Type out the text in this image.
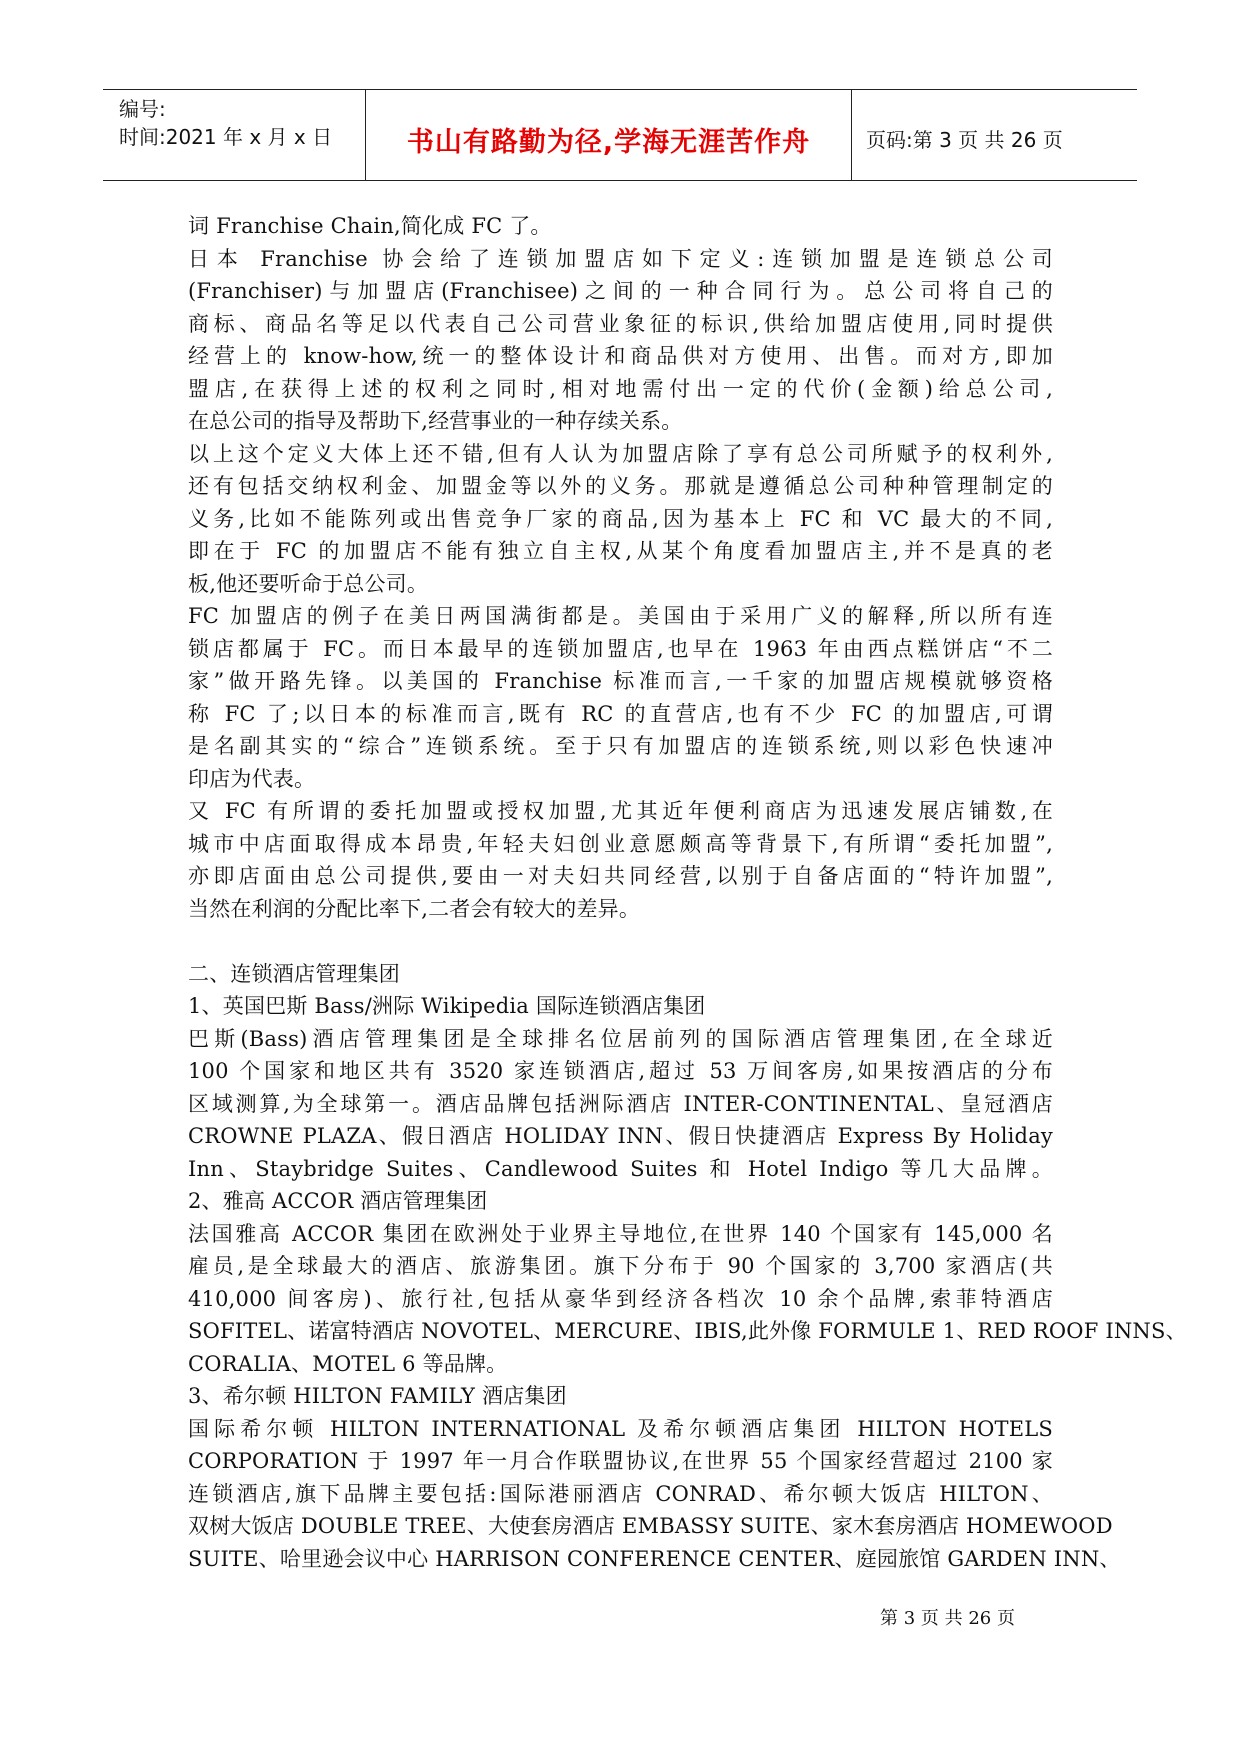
编号:
时间:2021 年 x 月 x 日	书山有路勤为径,学海无涯苦作舟	页码:第 3 页 共 26 页
词 Franchise Chain,简化成 FC 了。
日本 Franchise 协会给了连锁加盟店如下定义:连锁加盟是连锁总公司
(Franchiser)与加盟店(Franchisee)之间的一种合同行为。总公司将自己的
商标、商品名等足以代表自己公司营业象征的标识,供给加盟店使用,同时提供
经营上的 know-how,统一的整体设计和商品供对方使用、出售。而对方,即加
盟店,在获得上述的权利之同时,相对地需付出一定的代价(金额)给总公司,
在总公司的指导及帮助下,经营事业的一种存续关系。
以上这个定义大体上还不错,但有人认为加盟店除了享有总公司所赋予的权利外,
还有包括交纳权利金、加盟金等以外的义务。那就是遵循总公司种种管理制定的
义务,比如不能陈列或出售竞争厂家的商品,因为基本上 FC 和 VC 最大的不同,
即在于 FC 的加盟店不能有独立自主权,从某个角度看加盟店主,并不是真的老
板,他还要听命于总公司。
FC 加盟店的例子在美日两国满街都是。美国由于采用广义的解释,所以所有连
锁店都属于 FC。而日本最早的连锁加盟店,也早在 1963 年由西点糕饼店“不二
家”做开路先锋。以美国的 Franchise 标准而言,一千家的加盟店规模就够资格
称 FC 了;以日本的标准而言,既有 RC 的直营店,也有不少 FC 的加盟店,可谓
是名副其实的“综合”连锁系统。至于只有加盟店的连锁系统,则以彩色快速冲
印店为代表。
又 FC 有所谓的委托加盟或授权加盟,尤其近年便利商店为迅速发展店铺数,在
城市中店面取得成本昂贵,年轻夫妇创业意愿颇高等背景下,有所谓“委托加盟”,
亦即店面由总公司提供,要由一对夫妇共同经营,以别于自备店面的“特许加盟”,
当然在利润的分配比率下,二者会有较大的差异。
二、连锁酒店管理集团
1、英国巴斯 Bass/洲际 Wikipedia 国际连锁酒店集团
巴斯(Bass)酒店管理集团是全球排名位居前列的国际酒店管理集团,在全球近
100 个国家和地区共有 3520 家连锁酒店,超过 53 万间客房,如果按酒店的分布
区域测算,为全球第一。酒店品牌包括洲际酒店 INTER-CONTINENTAL、皇冠酒店
CROWNE PLAZA、假日酒店 HOLIDAY INN、假日快捷酒店 Express By Holiday
Inn、Staybridge Suites、Candlewood Suites 和 Hotel Indigo 等几大品牌。
2、雅高 ACCOR 酒店管理集团
法国雅高 ACCOR 集团在欧洲处于业界主导地位,在世界 140 个国家有 145,000 名
雇员,是全球最大的酒店、旅游集团。旗下分布于 90 个国家的 3,700 家酒店(共
410,000 间客房)、旅行社,包括从豪华到经济各档次 10 余个品牌,索菲特酒店
SOFITEL、诺富特酒店 NOVOTEL、MERCURE、IBIS,此外像 FORMULE 1、RED ROOF INNS、
CORALIA、MOTEL 6 等品牌。
3、希尔顿 HILTON FAMILY 酒店集团
国际希尔顿 HILTON INTERNATIONAL 及希尔顿酒店集团 HILTON HOTELS
CORPORATION 于 1997 年一月合作联盟协议,在世界 55 个国家经营超过 2100 家
连锁酒店,旗下品牌主要包括:国际港丽酒店 CONRAD、希尔顿大饭店 HILTON、
双树大饭店 DOUBLE TREE、大使套房酒店 EMBASSY SUITE、家木套房酒店 HOMEWOOD
SUITE、哈里逊会议中心 HARRISON CONFERENCE CENTER、庭园旅馆 GARDEN INN、
第 3 页 共 26 页
